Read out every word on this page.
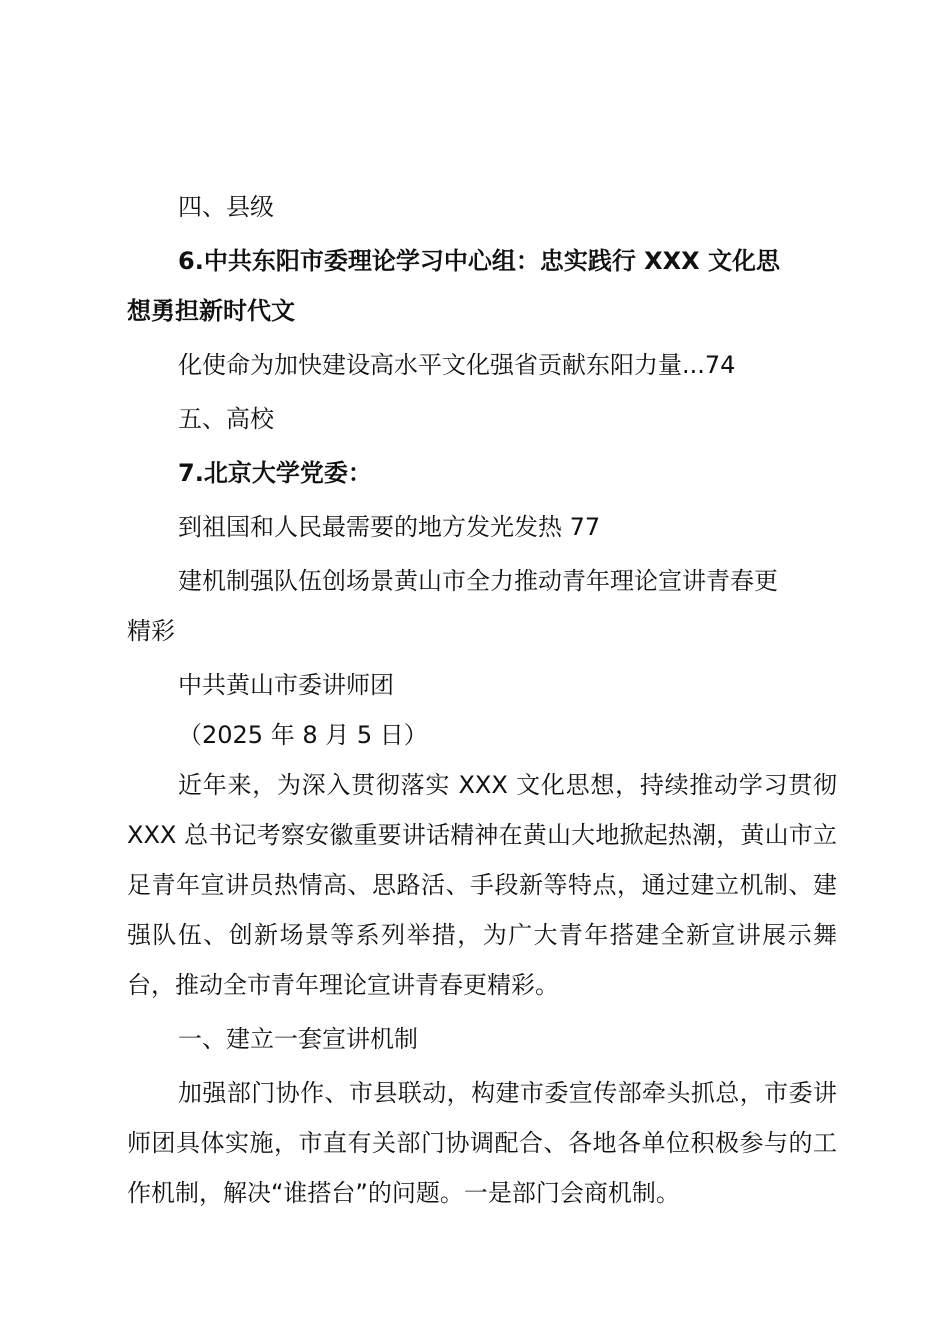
四、县级
6.中共东阳市委理论学习中心组：忠实践行 XXX 文化思
想勇担新时代文
化使命为加快建设高水平文化强省贡献东阳力量...74
五、高校
7.北京大学党委：
到祖国和人民最需要的地方发光发热 77
建机制强队伍创场景黄山市全力推动青年理论宣讲青春更
精彩
中共黄山市委讲师团
（2025 年 8 月 5 日）

近年来，为深入贯彻落实 XXX 文化思想，持续推动学习贯彻 XXX 总书记考察安徽重要讲话精神在黄山大地掀起热潮，黄山市立足青年宣讲员热情高、思路活、手段新等特点，通过建立机制、建强队伍、创新场景等系列举措，为广大青年搭建全新宣讲展示舞台，推动全市青年理论宣讲青春更精彩。

一、建立一套宣讲机制

加强部门协作、市县联动，构建市委宣传部牵头抓总，市委讲师团具体实施，市直有关部门协调配合、各地各单位积极参与的工作机制，解决“谁搭台”的问题。一是部门会商机制。
